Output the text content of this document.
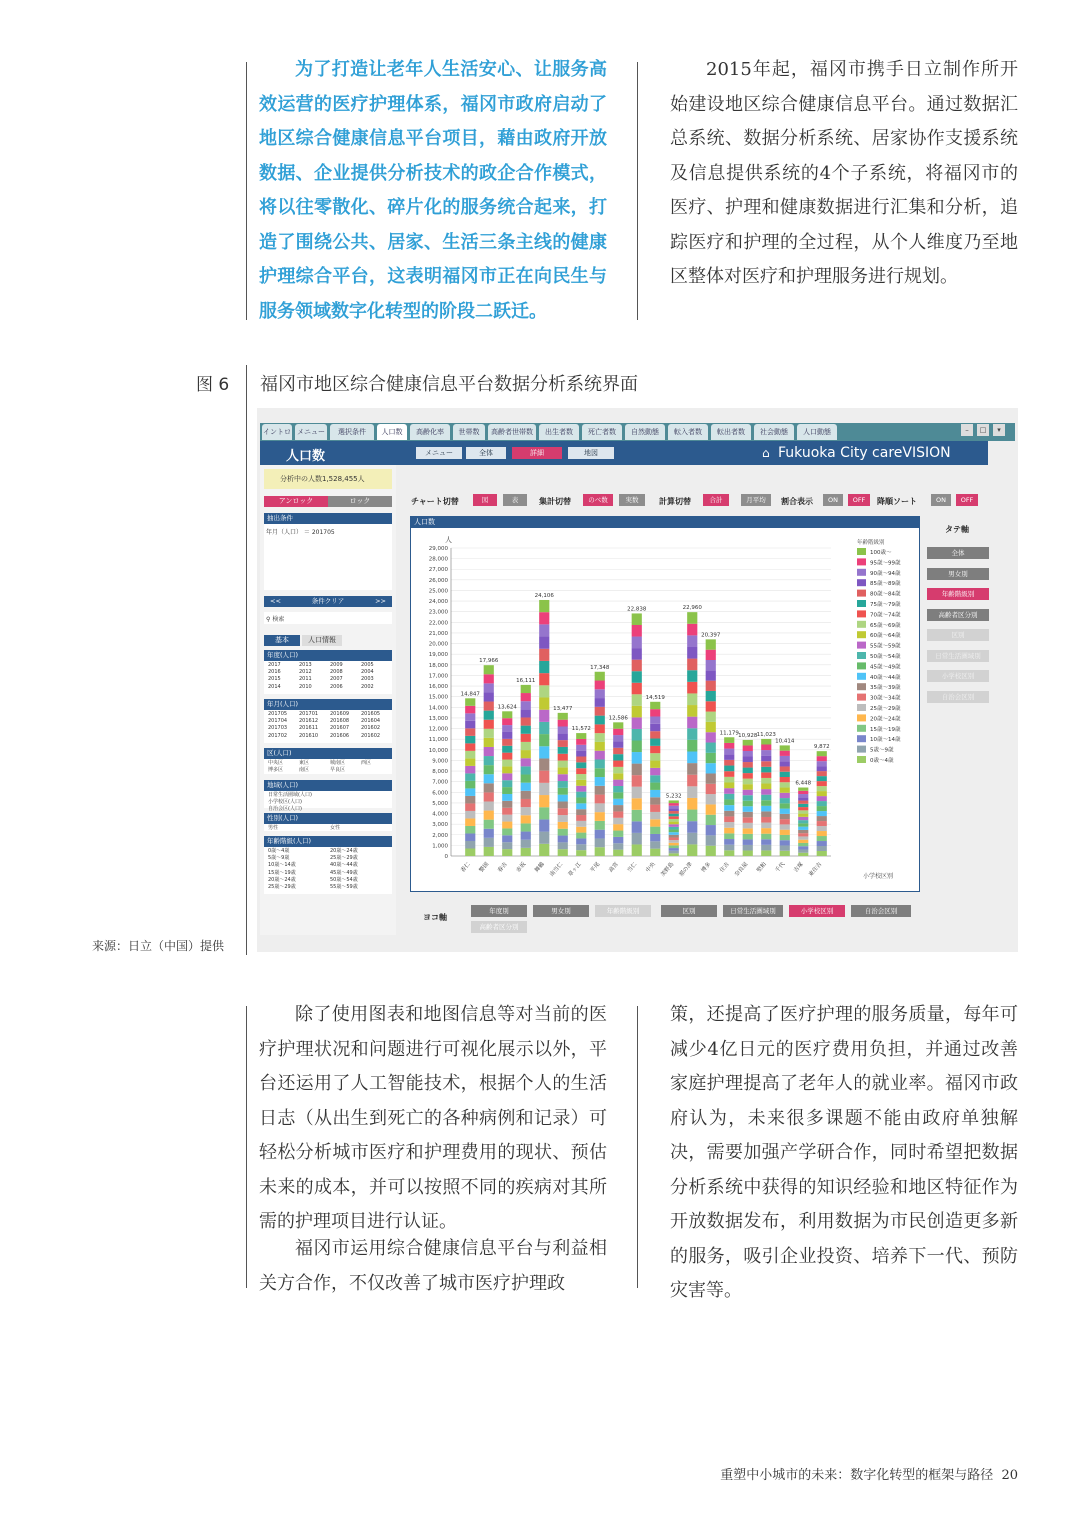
为了打造让老年人生活安心、让服务高效运营的医疗护理体系，福冈市政府启动了地区综合健康信息平台项目，藉由政府开放数据、企业提供分析技术的政企合作模式，将以往零散化、碎片化的服务统合起来，打造了围绕公共、居家、生活三条主线的健康护理综合平台，这表明福冈市正在向民生与服务领域数字化转型的阶段二跃迁。

2015年起，福冈市携手日立制作所开始建设地区综合健康信息平台。通过数据汇总系统、数据分析系统、居家协作支援系统及信息提供系统的4个子系统，将福冈市的医疗、护理和健康数据进行汇集和分析，追踪医疗和护理的全过程，从个人维度乃至地区整体对医疗和护理服务进行规划。

图 6 福冈市地区综合健康信息平台数据分析系统界面
イントロ メニュー	選択条件	人口数	高齢化率	世帯数	高齢者世帯数	出生者数	死亡者数	自然動態	転入者数	転出者数	社会動態	人口動態	–	□	▾
人口数	メニュー	全体	詳細	地図	⌂ Fukuoka City careVISION
分析中の人数1,528,455人
アンロック	ロック
抽出条件
年月（人口） ＝ 201705
<<	条件クリア	>>
⚲ 検索
基本	人口情報
年度(人口)
2017	2013	2009	2005
2016	2012	2008	2004
2015	2011	2007	2003
2014	2010	2006	2002
年月(人口)
201705 201701 201609 201605
201704 201612 201608 201604
201703 201611 201607 201602
201702 201610 201606 201602
区(人口)
中央区	東区	城南区	西区
博多区	南区	早良区
地域(人口)
日常生活圏域(人口)
小学校区(人口)
自治会区(人口)
性別(人口)
男性	女性
年齢階級(人口)
0歳～4歳	20歳～24歳
5歳～9歳	25歳～29歳
10歳～14歳	40歳～44歳
15歳～19歳	45歳～49歳
20歳～24歳	50歳～54歳
25歳～29歳	55歳～59歳
チャート切替	図	表	集計切替	のべ数	実数	計算切替	合計	月平均	割合表示	ON	OFF	降順ソート	ON	OFF
人口数
0
1,000
2,000
3,000
4,000
5,000
6,000
7,000
8,000
9,000
10,000
11,000
12,000
13,000
14,000
15,000
16,000
17,000
18,000
19,000
20,000
21,000
22,000
23,000
24,000
25,000
26,000
27,000
28,000
29,000
人
14,847
香仁
17,966
警固
13,624
春吉
16,111
赤坂
24,106
舞鶴
13,477
南当仁
11,572
草ヶ江
17,348
平尾
12,586
高宮
22,838
当仁
14,519
中央
5,232
美野島
22,960
那の津
20,397
博多
11,179
住吉
10,928
奈良屋
11,023
堅粕
10,414
千代
6,448
吉塚
9,872
東住吉
年齢階級別
100歳～
95歳～99歳
90歳～94歳
85歳～89歳
80歳～84歳
75歳～79歳
70歳～74歳
65歳～69歳
60歳～64歳
55歳～59歳
50歳～54歳
45歳～49歳
40歳～44歳
35歳～39歳
30歳～34歳
25歳～29歳
20歳～24歳
15歳～19歳
10歳～14歳
5歳～9歳
0歳～4歳
小学校区別
タテ軸
全体
男女別
年齢階級別
高齢者区分別
区別
日常生活圏域別
小学校区別
自治会区別
ヨコ軸
年度別	男女別	年齢階級別	区別	日常生活圏域別	小学校区別	自治会区別
高齢者区分別
来源：日立（中国）提供

除了使用图表和地图信息等对当前的医疗护理状况和问题进行可视化展示以外，平台还运用了人工智能技术，根据个人的生活日志（从出生到死亡的各种病例和记录）可轻松分析城市医疗和护理费用的现状、预估未来的成本，并可以按照不同的疾病对其所需的护理项目进行认证。

福冈市运用综合健康信息平台与利益相关方合作，不仅改善了城市医疗护理政

策，还提高了医疗护理的服务质量，每年可减少4亿日元的医疗费用负担，并通过改善家庭护理提高了老年人的就业率。福冈市政府认为，未来很多课题不能由政府单独解决，需要加强产学研合作，同时希望把数据分析系统中获得的知识经验和地区特征作为开放数据发布，利用数据为市民创造更多新的服务，吸引企业投资、培养下一代、预防灾害等。

重塑中小城市的未来：数字化转型的框架与路径 20
